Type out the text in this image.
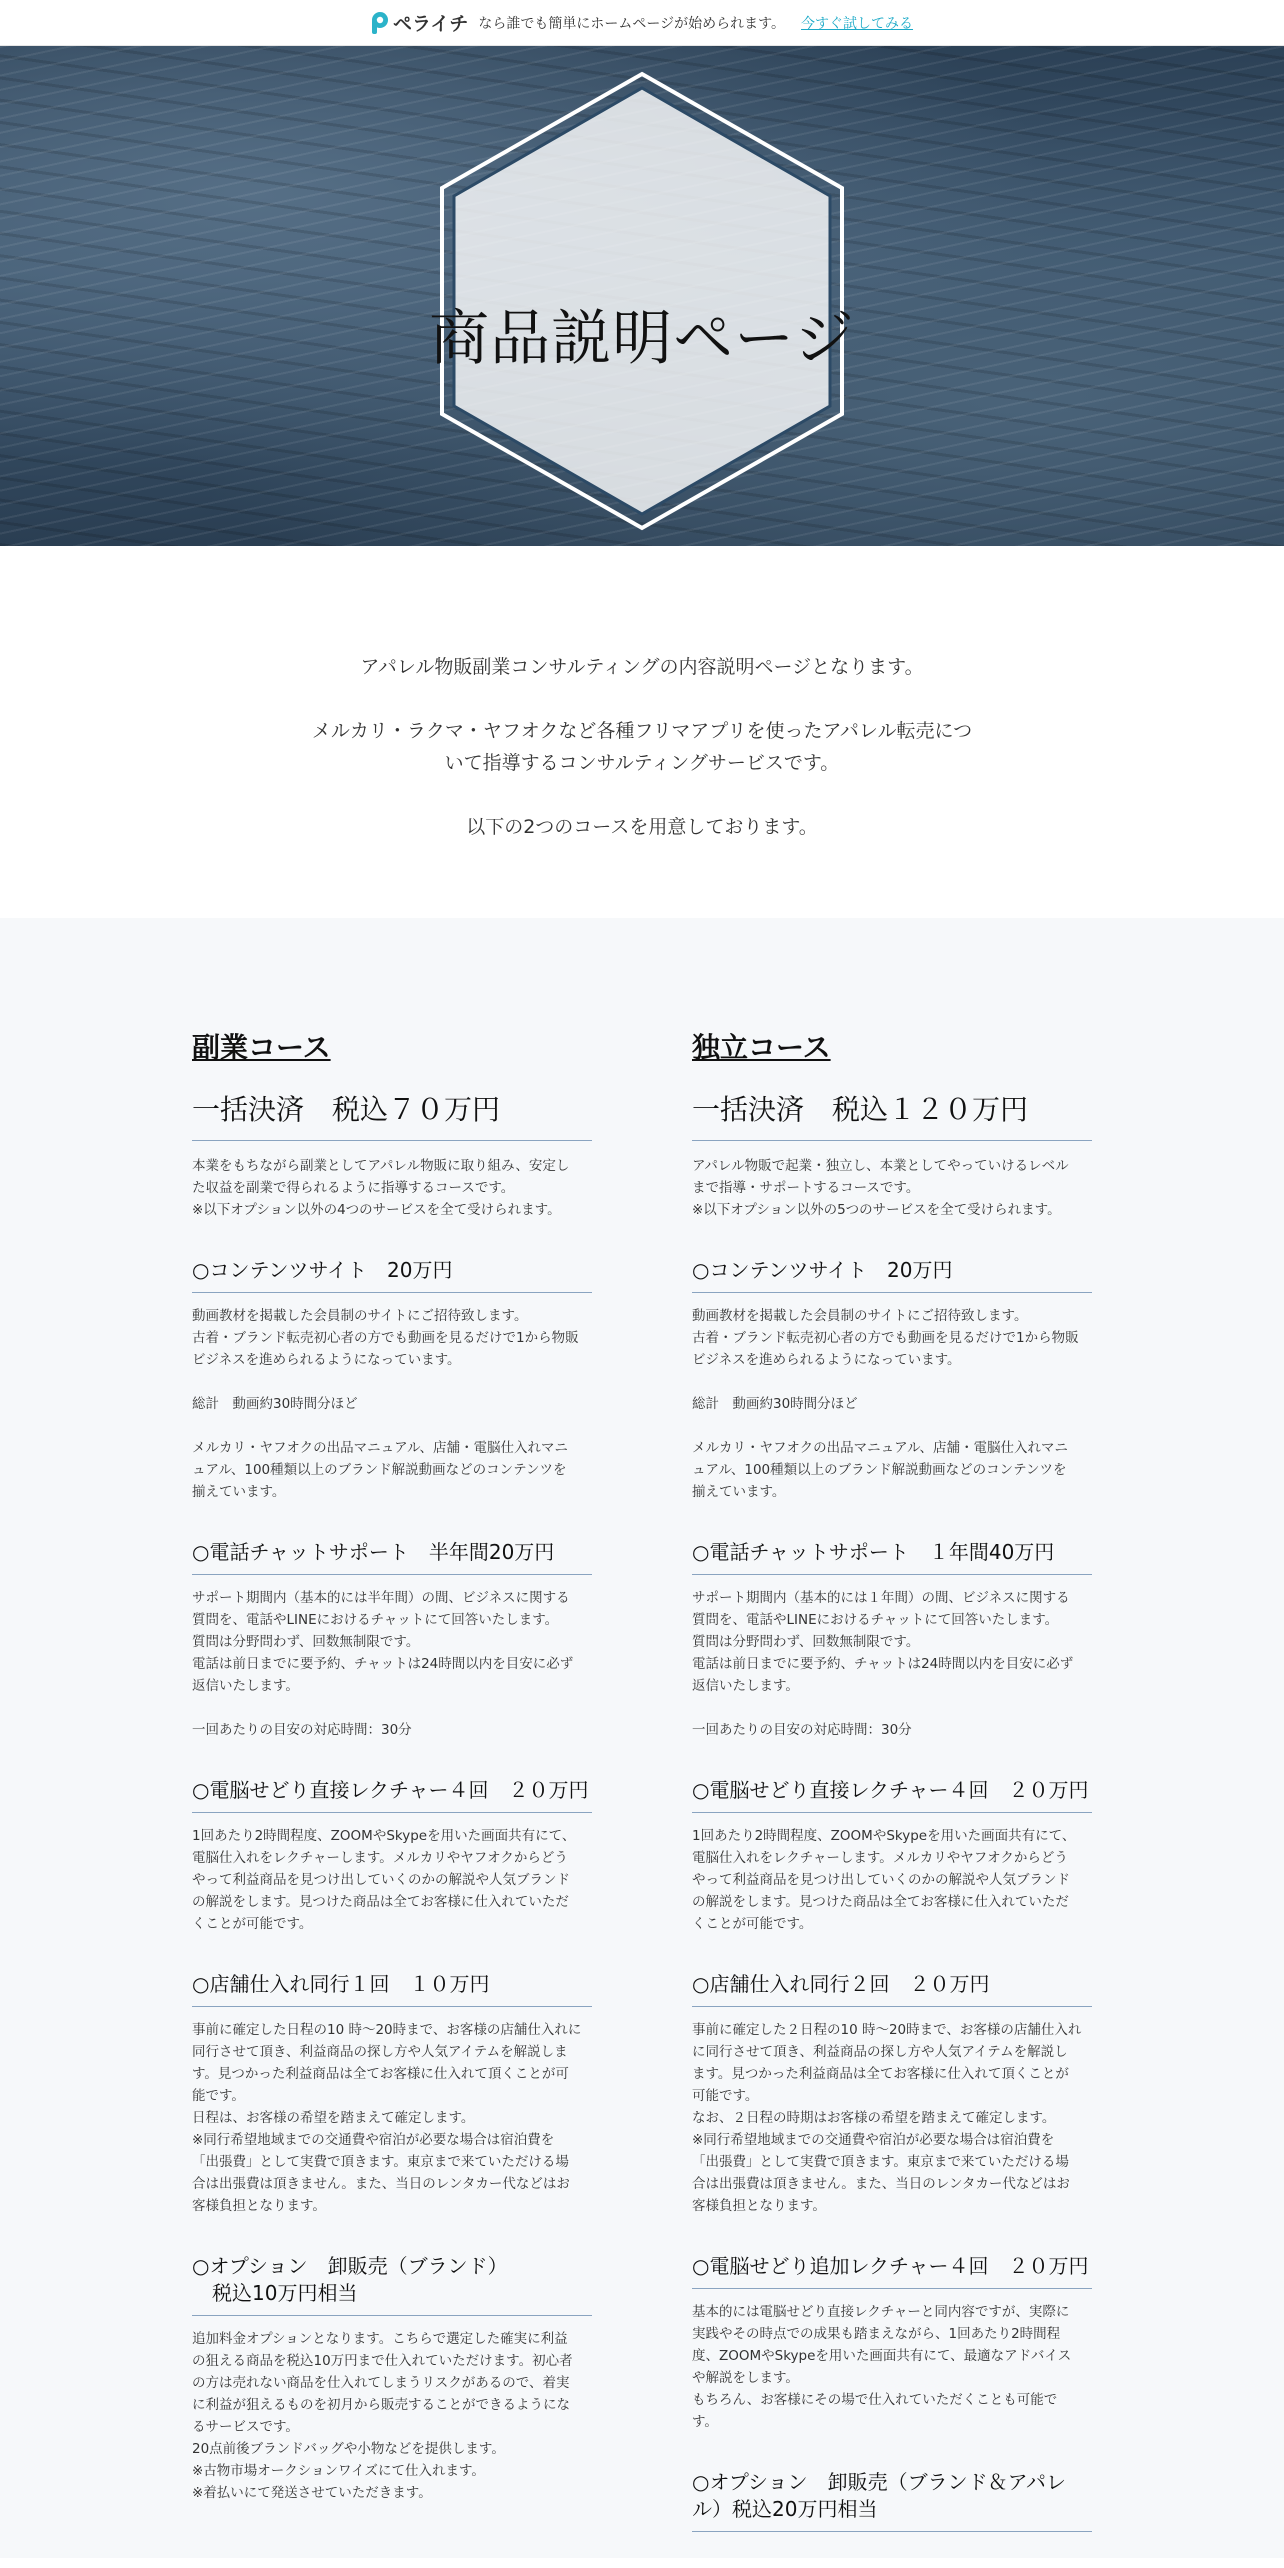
ペライチ なら誰でも簡単にホームページが始められます。 今すぐ試してみる
商品説明ページ

アパレル物販副業コンサルティングの内容説明ページとなります。

メルカリ・ラクマ・ヤフオクなど各種フリマアプリを使ったアパレル転売につ
いて指導するコンサルティングサービスです。

以下の2つのコースを用意しております。

副業コース
一括決済　税込７０万円
本業をもちながら副業としてアパレル物販に取り組み、安定し
た収益を副業で得られるように指導するコースです。
※以下オプション以外の4つのサービスを全て受けられます。
○コンテンツサイト　20万円
動画教材を掲載した会員制のサイトにご招待致します。
古着・ブランド転売初心者の方でも動画を見るだけで1から物販
ビジネスを進められるようになっています。

総計　動画約30時間分ほど

メルカリ・ヤフオクの出品マニュアル、店舗・電脳仕入れマニ
ュアル、100種類以上のブランド解説動画などのコンテンツを
揃えています。
○電話チャットサポート　半年間20万円
サポート期間内（基本的には半年間）の間、ビジネスに関する
質問を、電話やLINEにおけるチャットにて回答いたします。
質問は分野問わず、回数無制限です。
電話は前日までに要予約、チャットは24時間以内を目安に必ず
返信いたします。

一回あたりの目安の対応時間：30分
○電脳せどり直接レクチャー４回　２０万円
1回あたり2時間程度、ZOOMやSkypeを用いた画面共有にて、
電脳仕入れをレクチャーします。メルカリやヤフオクからどう
やって利益商品を見つけ出していくのかの解説や人気ブランド
の解説をします。見つけた商品は全てお客様に仕入れていただ
くことが可能です。
○店舗仕入れ同行１回　１０万円
事前に確定した日程の10 時〜20時まで、お客様の店舗仕入れに
同行させて頂き、利益商品の探し方や人気アイテムを解説しま
す。見つかった利益商品は全てお客様に仕入れて頂くことが可
能です。
日程は、お客様の希望を踏まえて確定します。
※同行希望地域までの交通費や宿泊が必要な場合は宿泊費を
「出張費」として実費で頂きます。東京まで来ていただける場
合は出張費は頂きません。また、当日のレンタカー代などはお
客様負担となります。
○オプション　卸販売（ブランド）
　税込10万円相当
追加料金オプションとなります。こちらで選定した確実に利益
の狙える商品を税込10万円まで仕入れていただけます。初心者
の方は売れない商品を仕入れてしまうリスクがあるので、着実
に利益が狙えるものを初月から販売することができるようにな
るサービスです。
20点前後ブランドバッグや小物などを提供します。
※古物市場オークションワイズにて仕入れます。
※着払いにて発送させていただきます。
独立コース
一括決済　税込１２０万円
アパレル物販で起業・独立し、本業としてやっていけるレベル
まで指導・サポートするコースです。
※以下オプション以外の5つのサービスを全て受けられます。
○コンテンツサイト　20万円
動画教材を掲載した会員制のサイトにご招待致します。
古着・ブランド転売初心者の方でも動画を見るだけで1から物販
ビジネスを進められるようになっています。

総計　動画約30時間分ほど

メルカリ・ヤフオクの出品マニュアル、店舗・電脳仕入れマニ
ュアル、100種類以上のブランド解説動画などのコンテンツを
揃えています。
○電話チャットサポート　１年間40万円
サポート期間内（基本的には１年間）の間、ビジネスに関する
質問を、電話やLINEにおけるチャットにて回答いたします。
質問は分野問わず、回数無制限です。
電話は前日までに要予約、チャットは24時間以内を目安に必ず
返信いたします。

一回あたりの目安の対応時間：30分
○電脳せどり直接レクチャー４回　２０万円
1回あたり2時間程度、ZOOMやSkypeを用いた画面共有にて、
電脳仕入れをレクチャーします。メルカリやヤフオクからどう
やって利益商品を見つけ出していくのかの解説や人気ブランド
の解説をします。見つけた商品は全てお客様に仕入れていただ
くことが可能です。
○店舗仕入れ同行２回　２０万円
事前に確定した２日程の10 時〜20時まで、お客様の店舗仕入れ
に同行させて頂き、利益商品の探し方や人気アイテムを解説し
ます。見つかった利益商品は全てお客様に仕入れて頂くことが
可能です。
なお、２日程の時期はお客様の希望を踏まえて確定します。
※同行希望地域までの交通費や宿泊が必要な場合は宿泊費を
「出張費」として実費で頂きます。東京まで来ていただける場
合は出張費は頂きません。また、当日のレンタカー代などはお
客様負担となります。
○電脳せどり追加レクチャー４回　２０万円
基本的には電脳せどり直接レクチャーと同内容ですが、実際に
実践やその時点での成果も踏まえながら、1回あたり2時間程
度、ZOOMやSkypeを用いた画面共有にて、最適なアドバイス
や解説をします。
もちろん、お客様にその場で仕入れていただくことも可能で
す。
○オプション　卸販売（ブランド＆アパレ
ル）税込20万円相当
